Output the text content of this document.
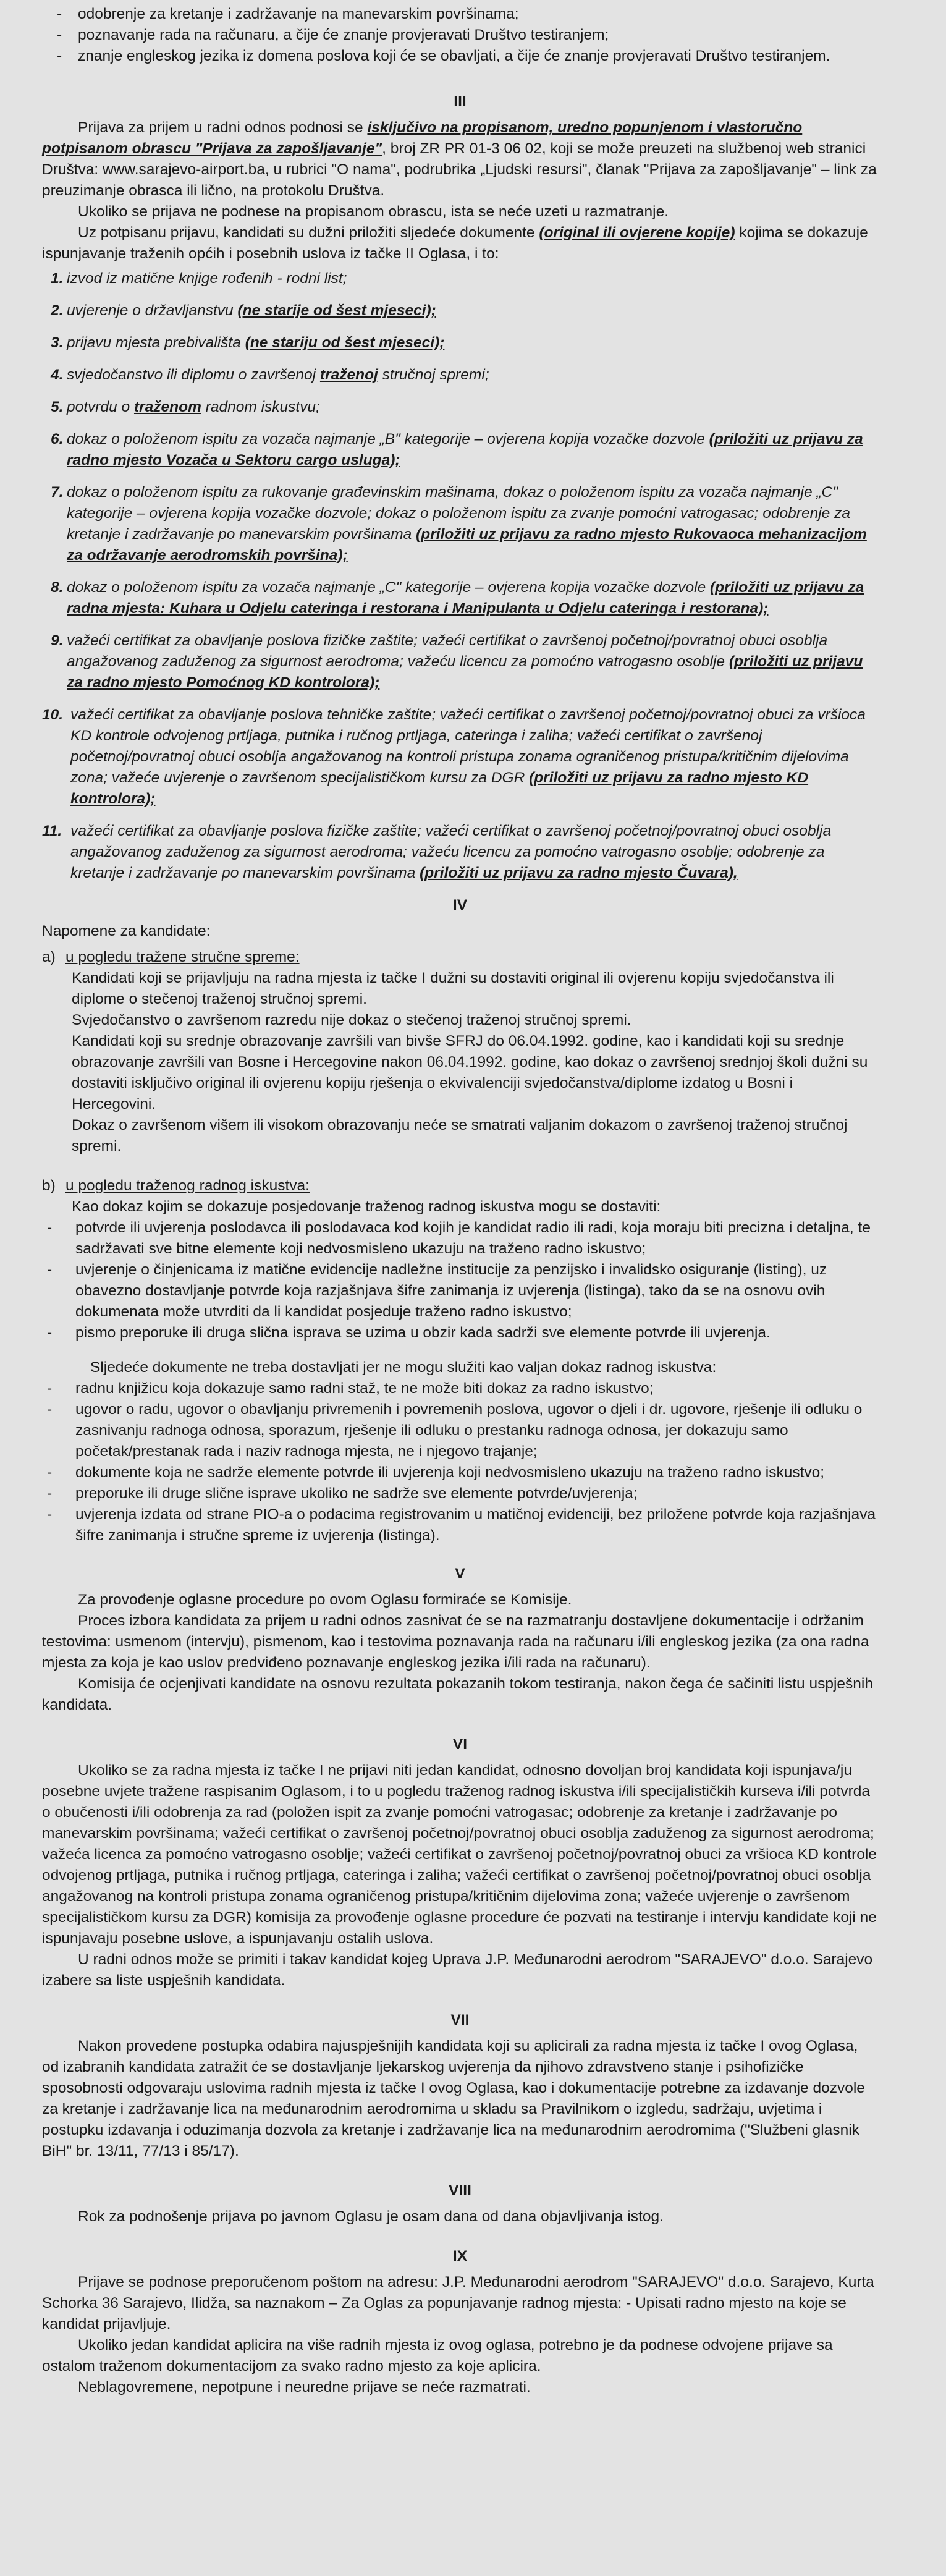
- odobrenje za kretanje i zadržavanje na manevarskim površinama;
- poznavanje rada na računaru, a čije će znanje provjeravati Društvo testiranjem;
- znanje engleskog jezika iz domena poslova koji će se obavljati, a čije će znanje provjeravati Društvo testiranjem.
III

Prijava za prijem u radni odnos podnosi se isključivo na propisanom, uredno popunjenom i vlastoručno potpisanom obrascu "Prijava za zapošljavanje", broj ZR PR 01-3 06 02, koji se može preuzeti na službenoj web stranici Društva: www.sarajevo-airport.ba, u rubrici "O nama", podrubrika „Ljudski resursi", članak "Prijava za zapošljavanje" – link za preuzimanje obrasca ili lično, na protokolu Društva.

Ukoliko se prijava ne podnese na propisanom obrascu, ista se neće uzeti u razmatranje.

Uz potpisanu prijavu, kandidati su dužni priložiti sljedeće dokumente (original ili ovjerene kopije) kojima se dokazuje ispunjavanje traženih općih i posebnih uslova iz tačke II Oglasa, i to:

1. izvod iz matične knjige rođenih - rodni list;
2. uvjerenje o državljanstvu (ne starije od šest mjeseci);
3. prijavu mjesta prebivališta (ne stariju od šest mjeseci);
4. svjedočanstvo ili diplomu o završenoj traženoj stručnoj spremi;
5. potvrdu o traženom radnom iskustvu;
6. dokaz o položenom ispitu za vozača najmanje „B" kategorije – ovjerena kopija vozačke dozvole (priložiti uz prijavu za radno mjesto Vozača u Sektoru cargo usluga);
7. dokaz o položenom ispitu za rukovanje građevinskim mašinama, dokaz o položenom ispitu za vozača najmanje „C" kategorije – ovjerena kopija vozačke dozvole; dokaz o položenom ispitu za zvanje pomoćni vatrogasac; odobrenje za kretanje i zadržavanje po manevarskim površinama (priložiti uz prijavu za radno mjesto Rukovaoca mehanizacijom za održavanje aerodromskih površina);
8. dokaz o položenom ispitu za vozača najmanje „C" kategorije – ovjerena kopija vozačke dozvole (priložiti uz prijavu za radna mjesta: Kuhara u Odjelu cateringa i restorana i Manipulanta u Odjelu cateringa i restorana);
9. važeći certifikat za obavljanje poslova fizičke zaštite; važeći certifikat o završenoj početnoj/povratnoj obuci osoblja angažovanog zaduženog za sigurnost aerodroma; važeću licencu za pomoćno vatrogasno osoblje (priložiti uz prijavu za radno mjesto Pomoćnog KD kontrolora);
10. važeći certifikat za obavljanje poslova tehničke zaštite; važeći certifikat o završenoj početnoj/povratnoj obuci za vršioca KD kontrole odvojenog prtljaga, putnika i ručnog prtljaga, cateringa i zaliha; važeći certifikat o završenoj početnoj/povratnoj obuci osoblja angažovanog na kontroli pristupa zonama ograničenog pristupa/kritičnim dijelovima zona; važeće uvjerenje o završenom specijalističkom kursu za DGR (priložiti uz prijavu za radno mjesto KD kontrolora);
11. važeći certifikat za obavljanje poslova fizičke zaštite; važeći certifikat o završenoj početnoj/povratnoj obuci osoblja angažovanog zaduženog za sigurnost aerodroma; važeću licencu za pomoćno vatrogasno osoblje; odobrenje za kretanje i zadržavanje po manevarskim površinama (priložiti uz prijavu za radno mjesto Čuvara),
IV

Napomene za kandidate:

a) u pogledu tražene stručne spreme:

Kandidati koji se prijavljuju na radna mjesta iz tačke I dužni su dostaviti original ili ovjerenu kopiju svjedočanstva ili diplome o stečenoj traženoj stručnoj spremi.

Svjedočanstvo o završenom razredu nije dokaz o stečenoj traženoj stručnoj spremi.

Kandidati koji su srednje obrazovanje završili van bivše SFRJ do 06.04.1992. godine, kao i kandidati koji su srednje obrazovanje završili van Bosne i Hercegovine nakon 06.04.1992. godine, kao dokaz o završenoj srednjoj školi dužni su dostaviti isključivo original ili ovjerenu kopiju rješenja o ekvivalenciji svjedočanstva/diplome izdatog u Bosni i Hercegovini.

Dokaz o završenom višem ili visokom obrazovanju neće se smatrati valjanim dokazom o završenoj traženoj stručnoj spremi.

b) u pogledu traženog radnog iskustva:

Kao dokaz kojim se dokazuje posjedovanje traženog radnog iskustva mogu se dostaviti:

- potvrde ili uvjerenja poslodavca ili poslodavaca kod kojih je kandidat radio ili radi, koja moraju biti precizna i detaljna, te sadržavati sve bitne elemente koji nedvosmisleno ukazuju na traženo radno iskustvo;
- uvjerenje o činjenicama iz matične evidencije nadležne institucije za penzijsko i invalidsko osiguranje (listing), uz obavezno dostavljanje potvrde koja razjašnjava šifre zanimanja iz uvjerenja (listinga), tako da se na osnovu ovih dokumenata može utvrditi da li kandidat posjeduje traženo radno iskustvo;
- pismo preporuke ili druga slična isprava se uzima u obzir kada sadrži sve elemente potvrde ili uvjerenja.

Sljedeće dokumente ne treba dostavljati jer ne mogu služiti kao valjan dokaz radnog iskustva:

- radnu knjižicu koja dokazuje samo radni staž, te ne može biti dokaz za radno iskustvo;
- ugovor o radu, ugovor o obavljanju privremenih i povremenih poslova, ugovor o djeli i dr. ugovore, rješenje ili odluku o zasnivanju radnoga odnosa, sporazum, rješenje ili odluku o prestanku radnoga odnosa, jer dokazuju samo početak/prestanak rada i naziv radnoga mjesta, ne i njegovo trajanje;
- dokumente koja ne sadrže elemente potvrde ili uvjerenja koji nedvosmisleno ukazuju na traženo radno iskustvo;
- preporuke ili druge slične isprave ukoliko ne sadrže sve elemente potvrde/uvjerenja;
- uvjerenja izdata od strane PIO-a o podacima registrovanim u matičnoj evidenciji, bez priložene potvrde koja razjašnjava šifre zanimanja i stručne spreme iz uvjerenja (listinga).
V

Za provođenje oglasne procedure po ovom Oglasu formiraće se Komisije.

Proces izbora kandidata za prijem u radni odnos zasnivat će se na razmatranju dostavljene dokumentacije i održanim testovima: usmenom (intervju), pismenom, kao i testovima poznavanja rada na računaru i/ili engleskog jezika (za ona radna mjesta za koja je kao uslov predviđeno poznavanje engleskog jezika i/ili rada na računaru).

Komisija će ocjenjivati kandidate na osnovu rezultata pokazanih tokom testiranja, nakon čega će sačiniti listu uspješnih kandidata.

VI

Ukoliko se za radna mjesta iz tačke I ne prijavi niti jedan kandidat, odnosno dovoljan broj kandidata koji ispunjava/ju posebne uvjete tražene raspisanim Oglasom, i to u pogledu traženog radnog iskustva i/ili specijalističkih kurseva i/ili potvrda o obučenosti i/ili odobrenja za rad (položen ispit za zvanje pomoćni vatrogasac; odobrenje za kretanje i zadržavanje po manevarskim površinama; važeći certifikat o završenoj početnoj/povratnoj obuci osoblja zaduženog za sigurnost aerodroma; važeća licenca za pomoćno vatrogasno osoblje; važeći certifikat o završenoj početnoj/povratnoj obuci za vršioca KD kontrole odvojenog prtljaga, putnika i ručnog prtljaga, cateringa i zaliha; važeći certifikat o završenoj početnoj/povratnoj obuci osoblja angažovanog na kontroli pristupa zonama ograničenog pristupa/kritičnim dijelovima zona; važeće uvjerenje o završenom specijalističkom kursu za DGR) komisija za provođenje oglasne procedure će pozvati na testiranje i intervju kandidate koji ne ispunjavaju posebne uslove, a ispunjavanju ostalih uslova.

U radni odnos može se primiti i takav kandidat kojeg Uprava J.P. Međunarodni aerodrom "SARAJEVO" d.o.o. Sarajevo izabere sa liste uspješnih kandidata.

VII

Nakon provedene postupka odabira najuspješnijih kandidata koji su aplicirali za radna mjesta iz tačke I ovog Oglasa, od izabranih kandidata zatražit će se dostavljanje ljekarskog uvjerenja da njihovo zdravstveno stanje i psihofizičke sposobnosti odgovaraju uslovima radnih mjesta iz tačke I ovog Oglasa, kao i dokumentacije potrebne za izdavanje dozvole za kretanje i zadržavanje lica na međunarodnim aerodromima u skladu sa Pravilnikom o izgledu, sadržaju, uvjetima i postupku izdavanja i oduzimanja dozvola za kretanje i zadržavanje lica na međunarodnim aerodromima ("Službeni glasnik BiH" br. 13/11, 77/13 i 85/17).

VIII

Rok za podnošenje prijava po javnom Oglasu je osam dana od dana objavljivanja istog.

IX

Prijave se podnose preporučenom poštom na adresu: J.P. Međunarodni aerodrom "SARAJEVO" d.o.o. Sarajevo, Kurta Schorka 36 Sarajevo, Ilidža, sa naznakom – Za Oglas za popunjavanje radnog mjesta: - Upisati radno mjesto na koje se kandidat prijavljuje.

Ukoliko jedan kandidat aplicira na više radnih mjesta iz ovog oglasa, potrebno je da podnese odvojene prijave sa ostalom traženom dokumentacijom za svako radno mjesto za koje aplicira.

Neblagovremene, nepotpune i neuredne prijave se neće razmatrati.
